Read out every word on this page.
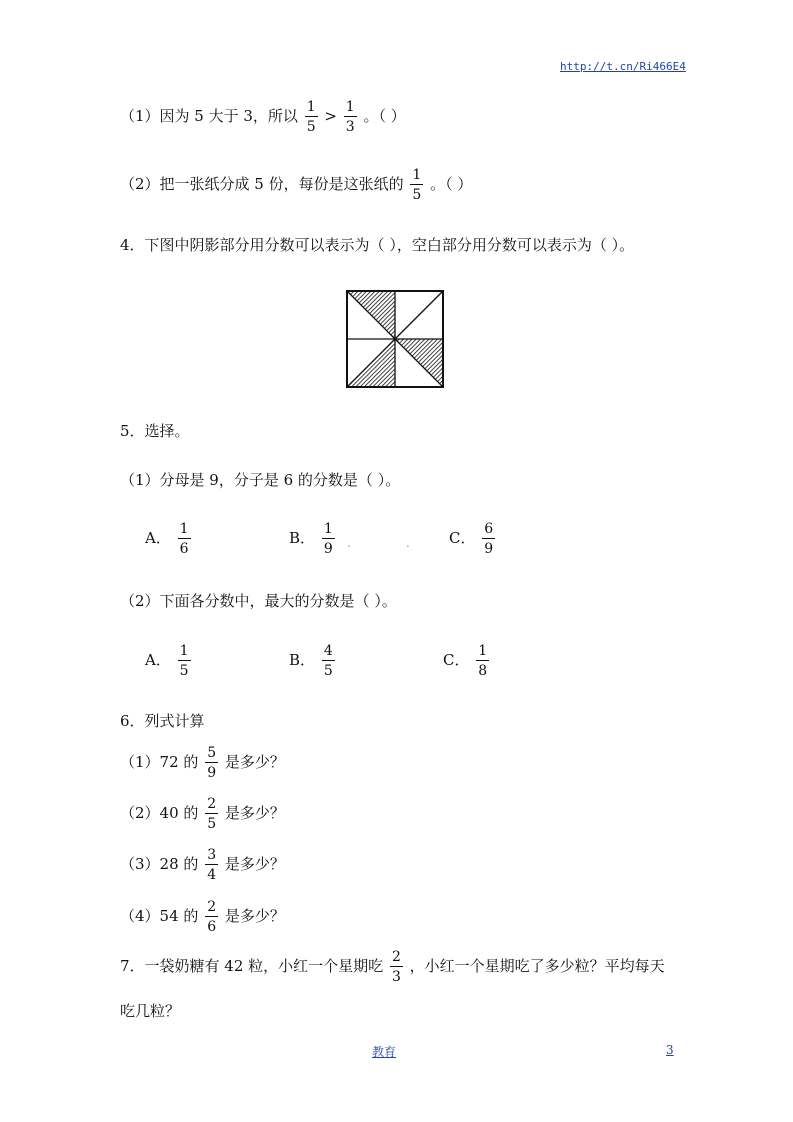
http://t.cn/Ri466E4
（1）因为 5 大于 3，所以 $\frac{1}{5} > \frac{1}{3}$ 。（ ）
（2）把一张纸分成 5 份，每份是这张纸的 $\frac{1}{5}$ 。（ ）
4．下图中阴影部分用分数可以表示为（ ），空白部分用分数可以表示为（ ）。
5．选择。
（1）分母是 9，分子是 6 的分数是（ ）。
A． $\frac{1}{6}$	B． $\frac{1}{9}$ .	.	C． $\frac{6}{9}$
（2）下面各分数中，最大的分数是（ ）。
A． $\frac{1}{5}$	B． $\frac{4}{5}$	C． $\frac{1}{8}$
6．列式计算
（1）72 的 $\frac{5}{9}$ 是多少？
（2）40 的 $\frac{2}{5}$ 是多少？
（3）28 的 $\frac{3}{4}$ 是多少？
（4）54 的 $\frac{2}{6}$ 是多少？
7．一袋奶糖有 42 粒，小红一个星期吃 $\frac{2}{3}$ ，小红一个星期吃了多少粒？平均每天
吃几粒？
教育	3
